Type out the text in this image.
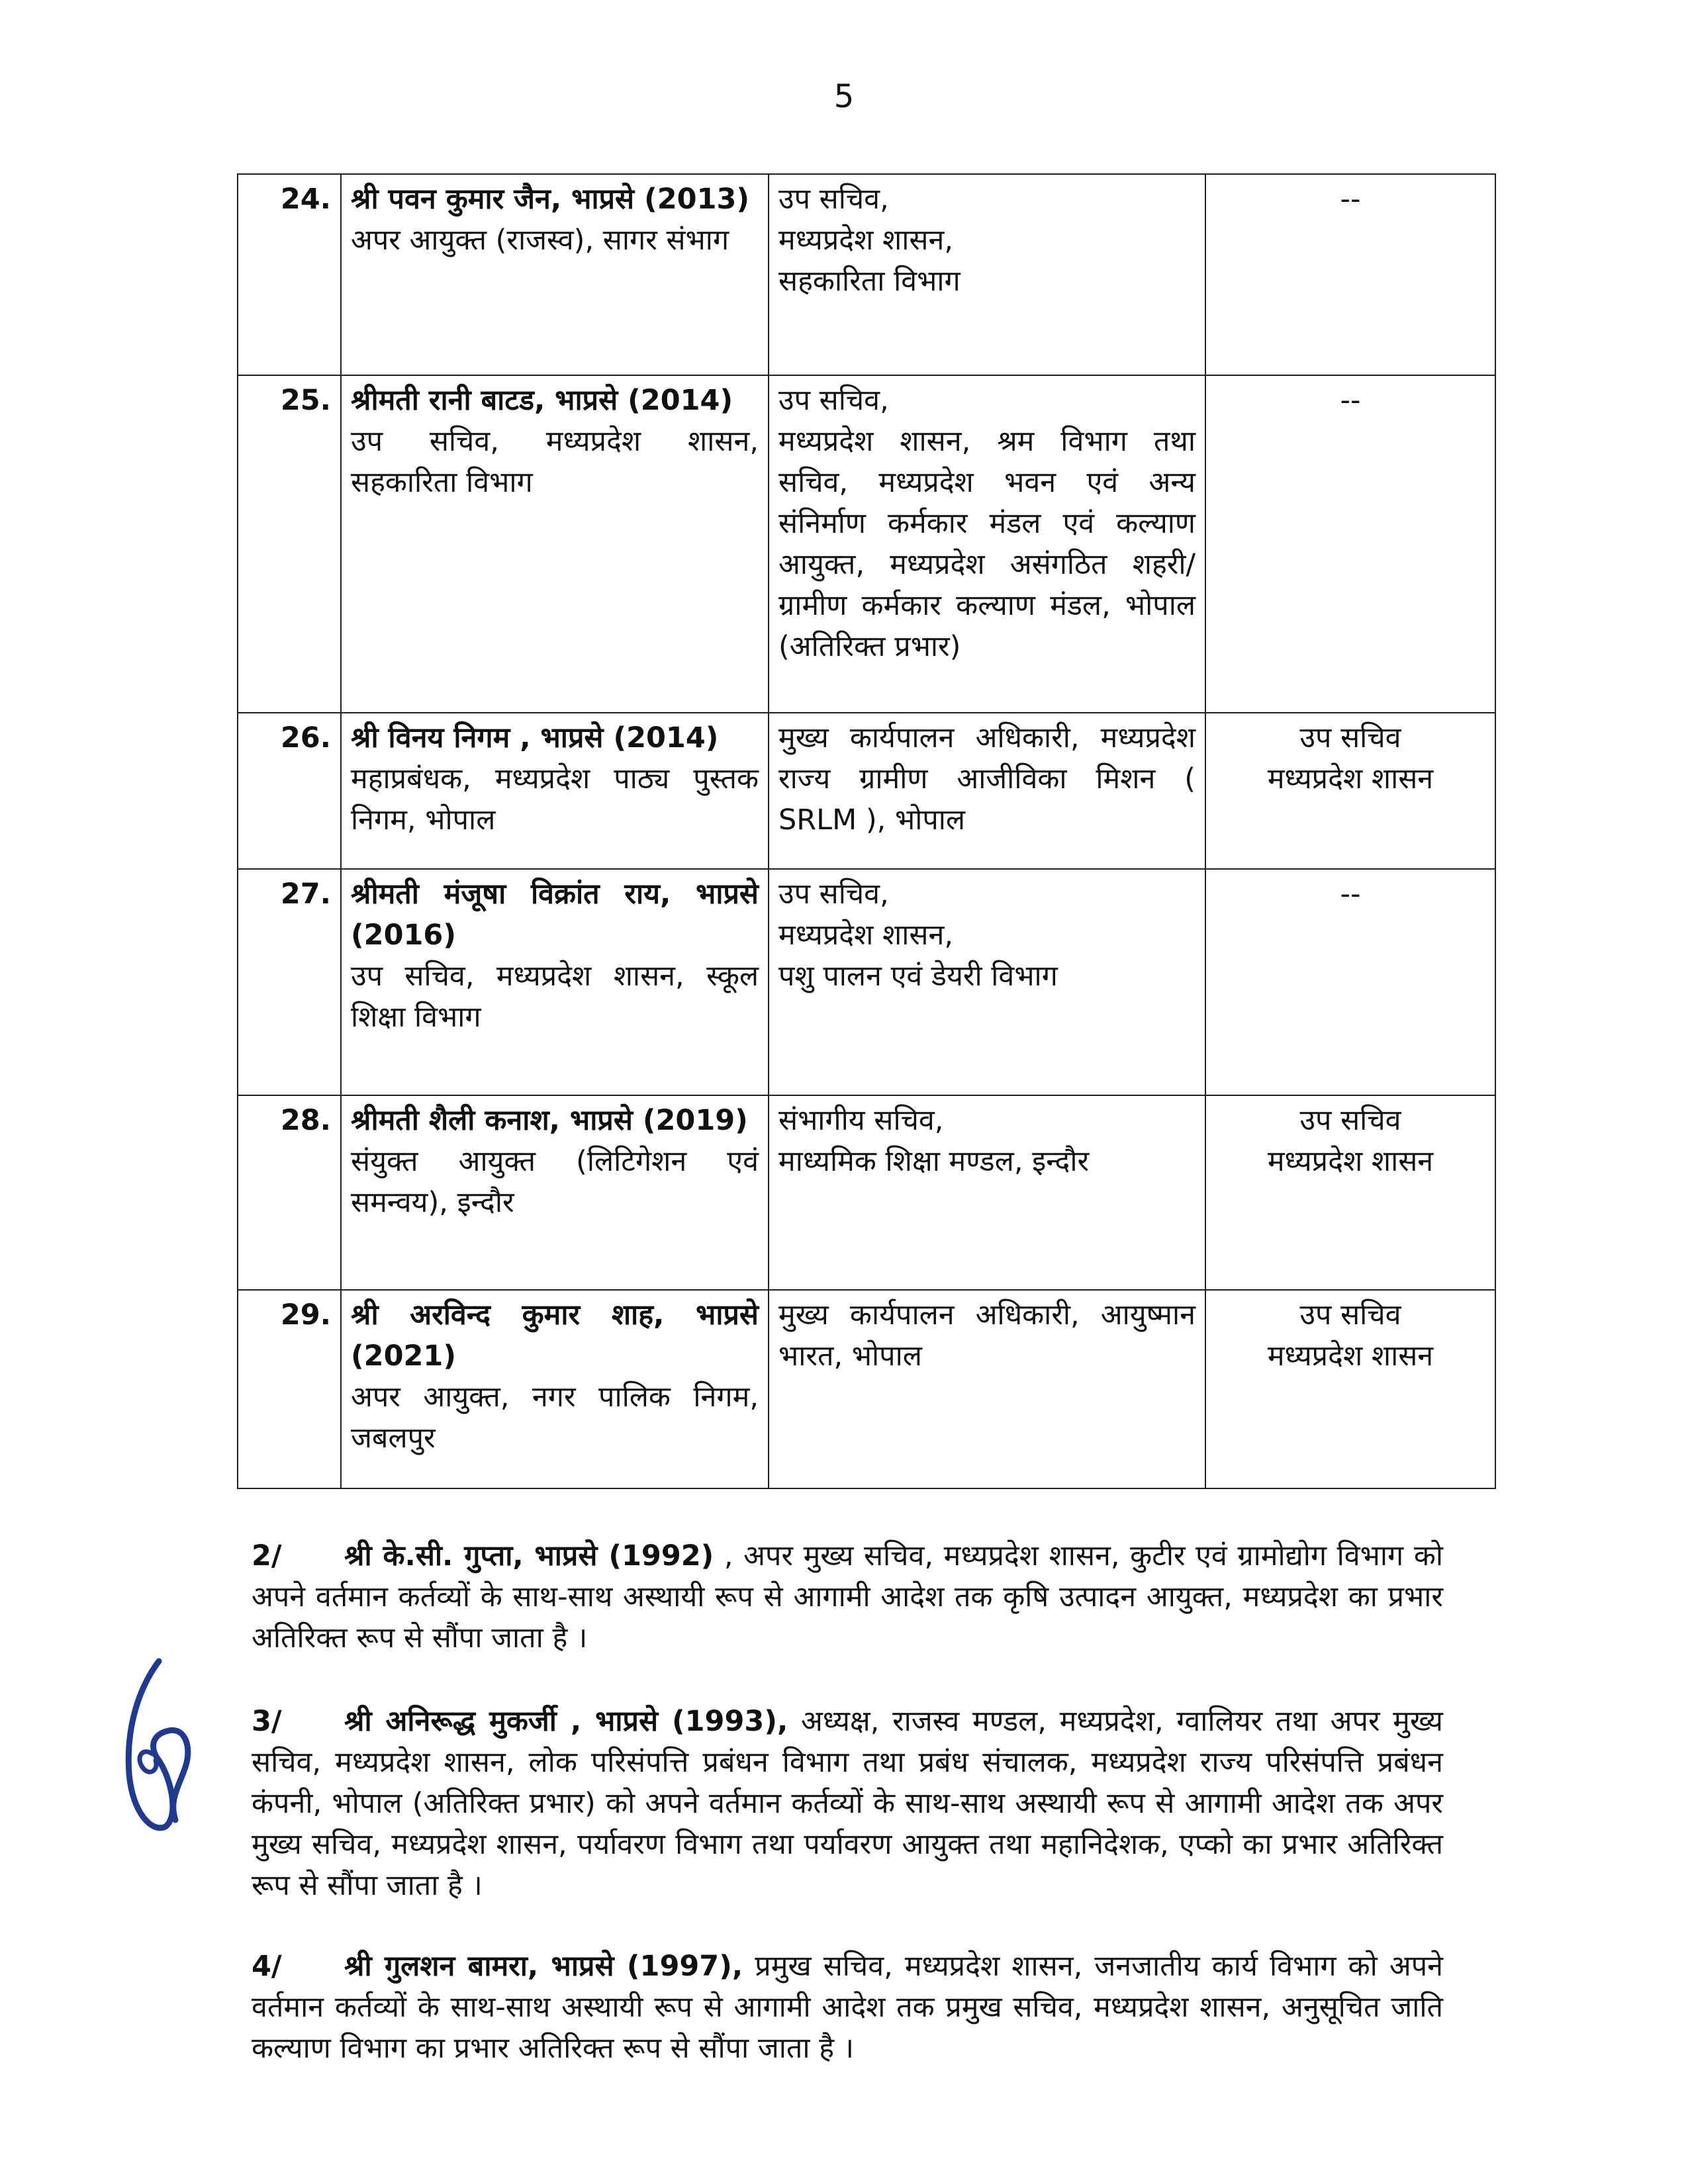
5
24.	श्री पवन कुमार जैन, भाप्रसे (2013)
अपर आयुक्त (राजस्व), सागर संभाग	उप सचिव,
मध्यप्रदेश शासन,
सहकारिता विभाग	--

25.	श्रीमती रानी बाटड, भाप्रसे (2014)
उप सचिव, मध्यप्रदेश शासन, सहकारिता विभाग	उप सचिव,
मध्यप्रदेश शासन, श्रम विभाग तथा सचिव, मध्यप्रदेश भवन एवं अन्य संनिर्माण कर्मकार मंडल एवं कल्याण आयुक्त, मध्यप्रदेश असंगठित शहरी/ग्रामीण कर्मकार कल्याण मंडल, भोपाल (अतिरिक्त प्रभार)	--

26.	श्री विनय निगम , भाप्रसे (2014)
महाप्रबंधक, मध्यप्रदेश पाठ्य पुस्तक निगम, भोपाल	मुख्य कार्यपालन अधिकारी, मध्यप्रदेश राज्य ग्रामीण आजीविका मिशन ( SRLM ), भोपाल	उप सचिव
मध्यप्रदेश शासन

27.	श्रीमती मंजूषा विक्रांत राय, भाप्रसे (2016)
उप सचिव, मध्यप्रदेश शासन, स्कूल शिक्षा विभाग	उप सचिव,
मध्यप्रदेश शासन,
पशु पालन एवं डेयरी विभाग	--

28.	श्रीमती शैली कनाश, भाप्रसे (2019)
संयुक्त आयुक्त (लिटिगेशन एवं समन्वय), इन्दौर	संभागीय सचिव,
माध्यमिक शिक्षा मण्डल, इन्दौर	उप सचिव
मध्यप्रदेश शासन

29.	श्री अरविन्द कुमार शाह, भाप्रसे (2021)
अपर आयुक्त, नगर पालिक निगम, जबलपुर	मुख्य कार्यपालन अधिकारी, आयुष्मान भारत, भोपाल	उप सचिव
मध्यप्रदेश शासन
2/ श्री के.सी. गुप्ता, भाप्रसे (1992) , अपर मुख्य सचिव, मध्यप्रदेश शासन, कुटीर एवं ग्रामोद्योग विभाग को अपने वर्तमान कर्तव्यों के साथ-साथ अस्थायी रूप से आगामी आदेश तक कृषि उत्पादन आयुक्त, मध्यप्रदेश का प्रभार अतिरिक्त रूप से सौंपा जाता है ।
3/ श्री अनिरूद्ध मुकर्जी , भाप्रसे (1993), अध्यक्ष, राजस्व मण्डल, मध्यप्रदेश, ग्वालियर तथा अपर मुख्य सचिव, मध्यप्रदेश शासन, लोक परिसंपत्ति प्रबंधन विभाग तथा प्रबंध संचालक, मध्यप्रदेश राज्य परिसंपत्ति प्रबंधन कंपनी, भोपाल (अतिरिक्त प्रभार) को अपने वर्तमान कर्तव्यों के साथ-साथ अस्थायी रूप से आगामी आदेश तक अपर मुख्य सचिव, मध्यप्रदेश शासन, पर्यावरण विभाग तथा पर्यावरण आयुक्त तथा महानिदेशक, एप्को का प्रभार अतिरिक्त रूप से सौंपा जाता है ।
4/ श्री गुलशन बामरा, भाप्रसे (1997), प्रमुख सचिव, मध्यप्रदेश शासन, जनजातीय कार्य विभाग को अपने वर्तमान कर्तव्यों के साथ-साथ अस्थायी रूप से आगामी आदेश तक प्रमुख सचिव, मध्यप्रदेश शासन, अनुसूचित जाति कल्याण विभाग का प्रभार अतिरिक्त रूप से सौंपा जाता है ।
